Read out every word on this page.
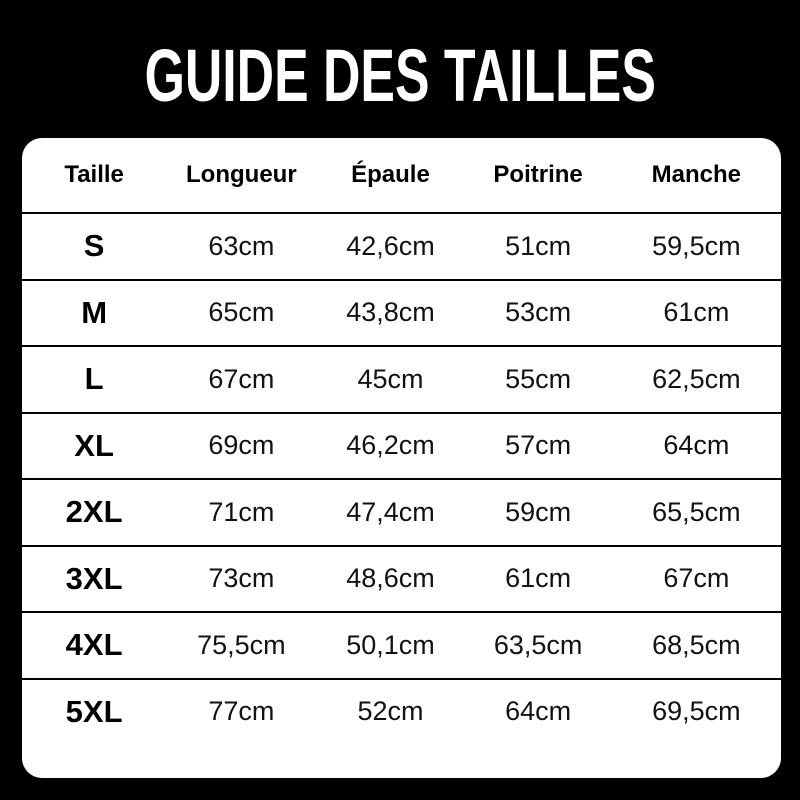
GUIDE DES TAILLES
Taille	Longueur	Épaule	Poitrine	Manche
S	63cm	42,6cm	51cm	59,5cm
M	65cm	43,8cm	53cm	61cm
L	67cm	45cm	55cm	62,5cm
XL	69cm	46,2cm	57cm	64cm
2XL	71cm	47,4cm	59cm	65,5cm
3XL	73cm	48,6cm	61cm	67cm
4XL	75,5cm	50,1cm	63,5cm	68,5cm
5XL	77cm	52cm	64cm	69,5cm
